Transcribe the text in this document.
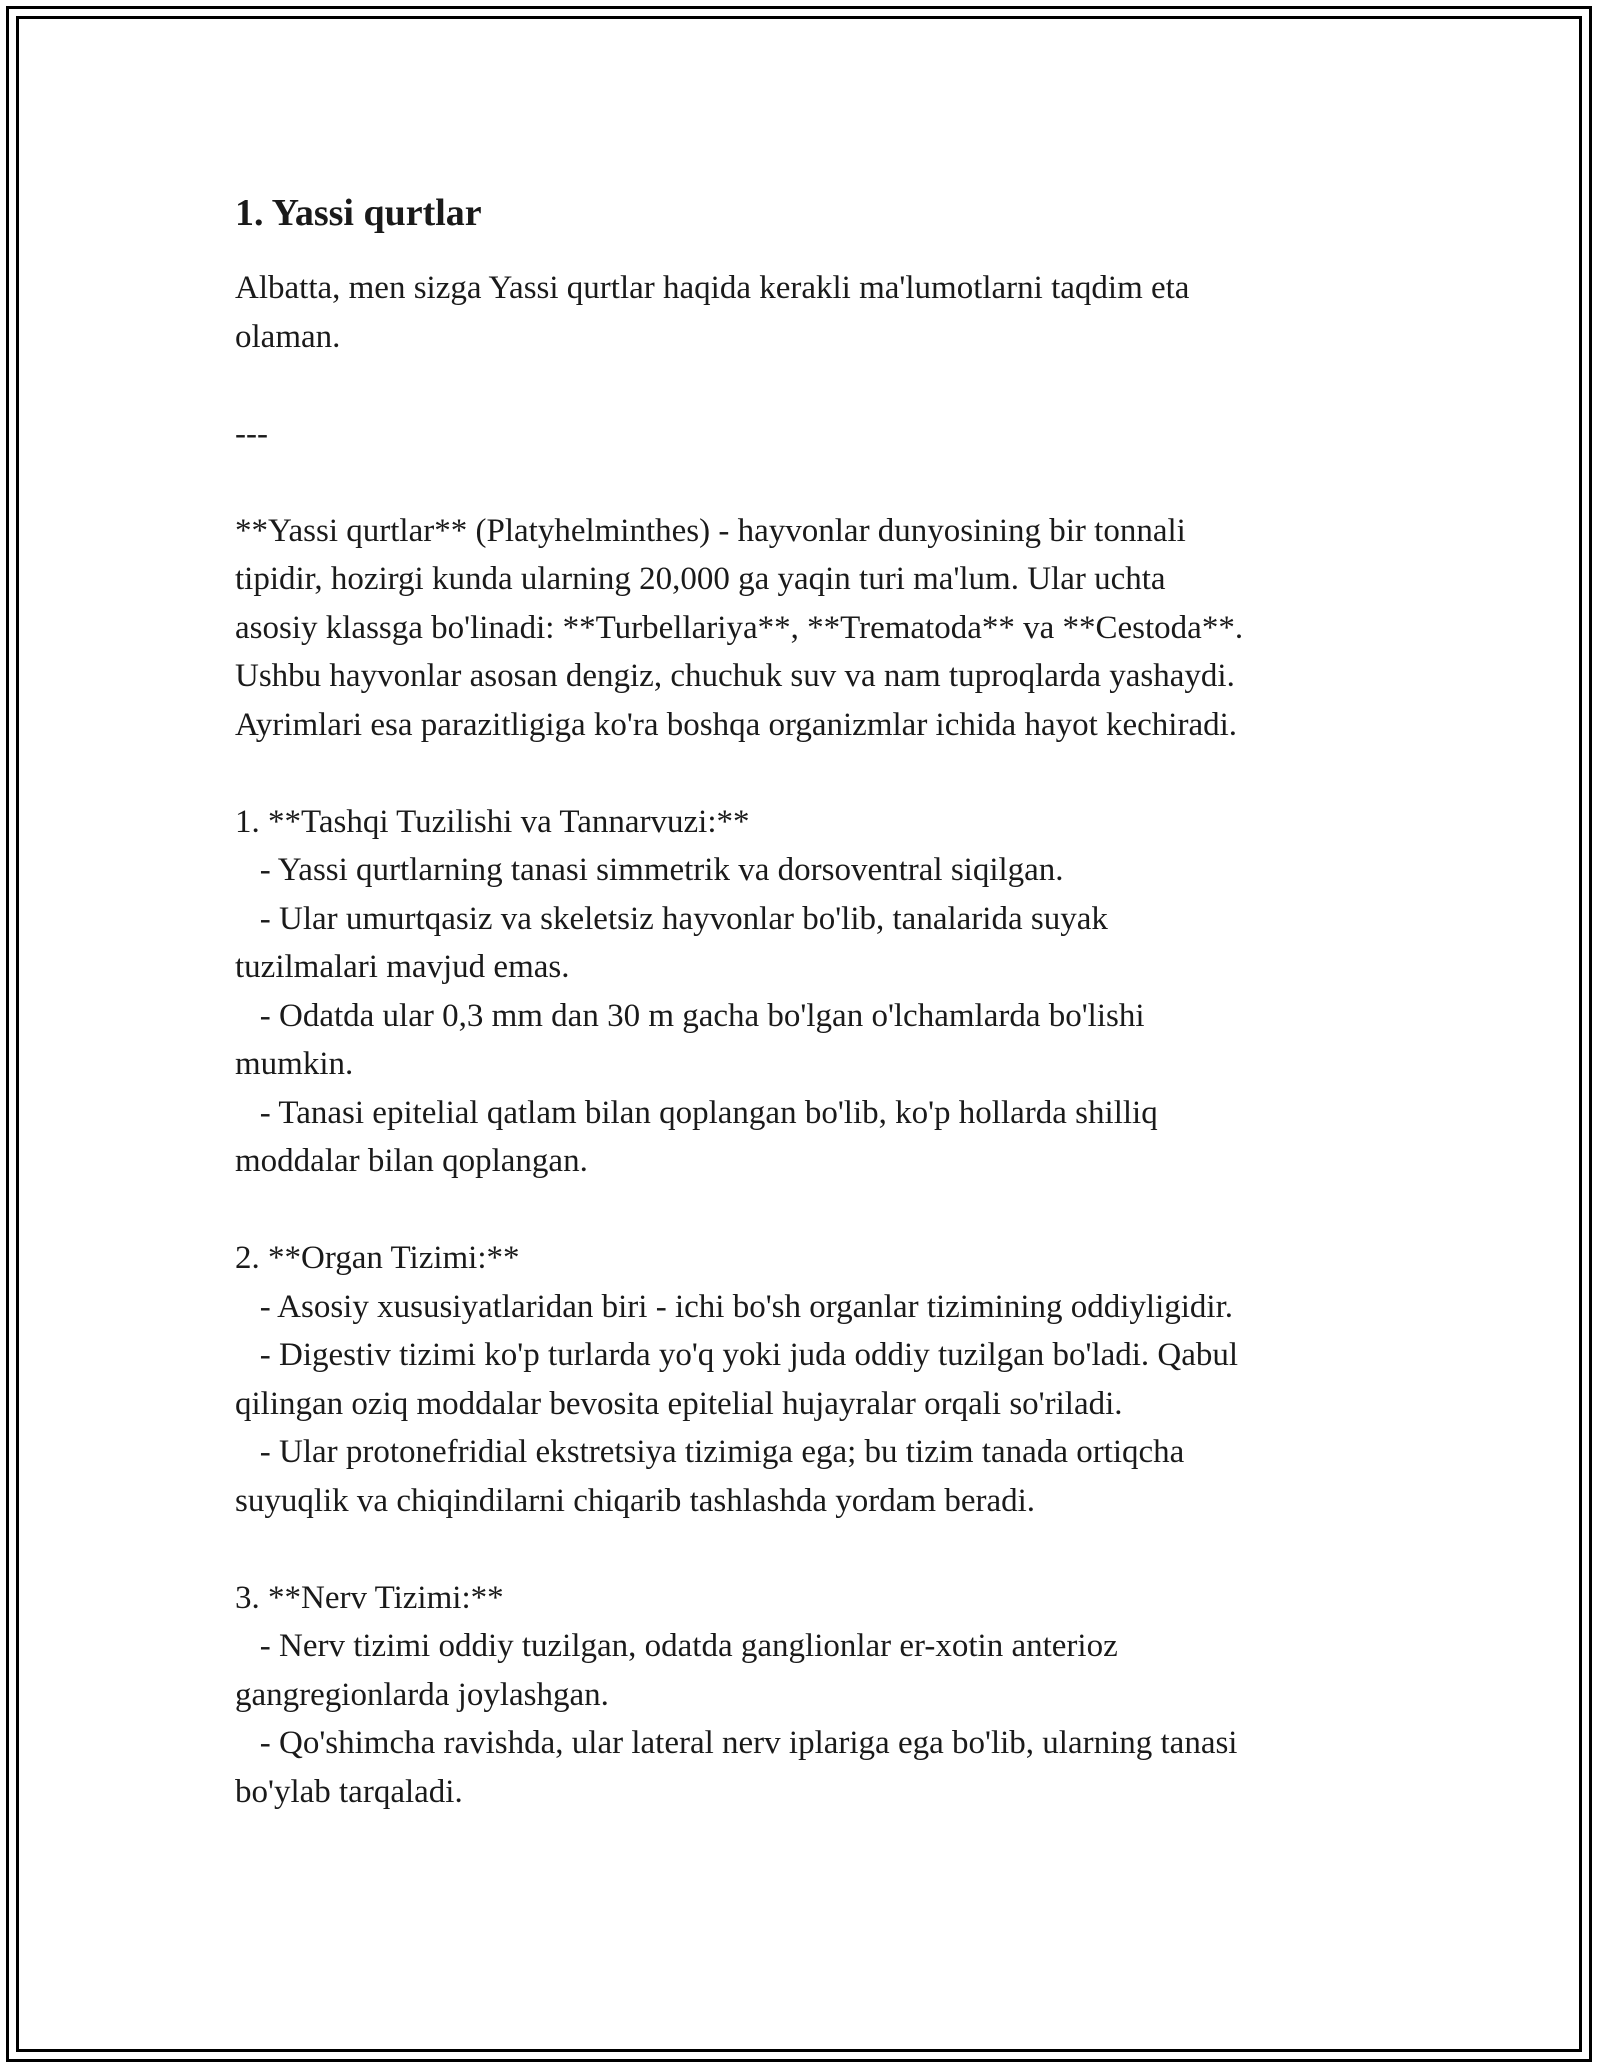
1. Yassi qurtlar

Albatta, men sizga Yassi qurtlar haqida kerakli ma'lumotlarni taqdim eta
olaman.

---

**Yassi qurtlar** (Platyhelminthes) - hayvonlar dunyosining bir tonnali
tipidir, hozirgi kunda ularning 20,000 ga yaqin turi ma'lum. Ular uchta
asosiy klassga bo'linadi: **Turbellariya**, **Trematoda** va **Cestoda**.
Ushbu hayvonlar asosan dengiz, chuchuk suv va nam tuproqlarda yashaydi.
Ayrimlari esa parazitligiga ko'ra boshqa organizmlar ichida hayot kechiradi.

1. **Tashqi Tuzilishi va Tannarvuzi:**
- Yassi qurtlarning tanasi simmetrik va dorsoventral siqilgan.
- Ular umurtqasiz va skeletsiz hayvonlar bo'lib, tanalarida suyak
tuzilmalari mavjud emas.
- Odatda ular 0,3 mm dan 30 m gacha bo'lgan o'lchamlarda bo'lishi
mumkin.
- Tanasi epitelial qatlam bilan qoplangan bo'lib, ko'p hollarda shilliq
moddalar bilan qoplangan.

2. **Organ Tizimi:**
- Asosiy xususiyatlaridan biri - ichi bo'sh organlar tizimining oddiyligidir.
- Digestiv tizimi ko'p turlarda yo'q yoki juda oddiy tuzilgan bo'ladi. Qabul
qilingan oziq moddalar bevosita epitelial hujayralar orqali so'riladi.
- Ular protonefridial ekstretsiya tizimiga ega; bu tizim tanada ortiqcha
suyuqlik va chiqindilarni chiqarib tashlashda yordam beradi.

3. **Nerv Tizimi:**
- Nerv tizimi oddiy tuzilgan, odatda ganglionlar er-xotin anterioz
gangregionlarda joylashgan.
- Qo'shimcha ravishda, ular lateral nerv iplariga ega bo'lib, ularning tanasi
bo'ylab tarqaladi.
